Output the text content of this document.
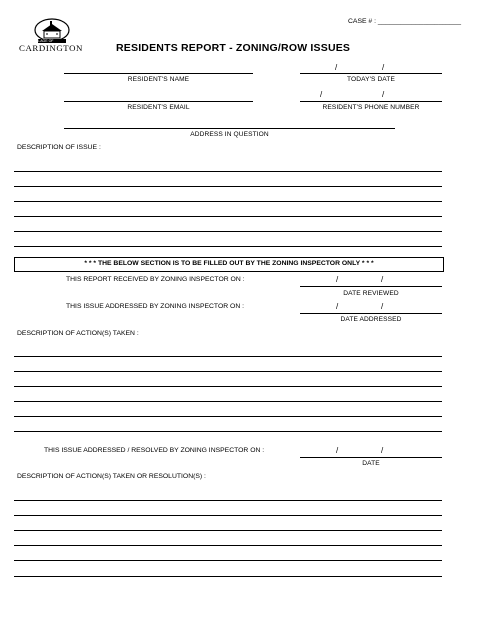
CASE # : ______________________
VILLAGE OF
CARDINGTON	RESIDENTS REPORT - ZONING/ROW ISSUES
RESIDENT'S NAME
/	/
TODAY'S DATE
RESIDENT'S EMAIL
/	/
RESIDENT'S PHONE NUMBER
ADDRESS IN QUESTION
DESCRIPTION OF ISSUE :
* * * THE BELOW SECTION IS TO BE FILLED OUT BY THE ZONING INSPECTOR ONLY * * *
THIS REPORT RECEIVED BY ZONING INSPECTOR ON :	/	/
DATE REVIEWED
THIS ISSUE ADDRESSED BY ZONING INSPECTOR ON :	/	/
DATE ADDRESSED
DESCRIPTION OF ACTION(S) TAKEN :
THIS ISSUE ADDRESSED / RESOLVED BY ZONING INSPECTOR ON :	/	/
DATE
DESCRIPTION OF ACTION(S) TAKEN OR RESOLUTION(S) :
